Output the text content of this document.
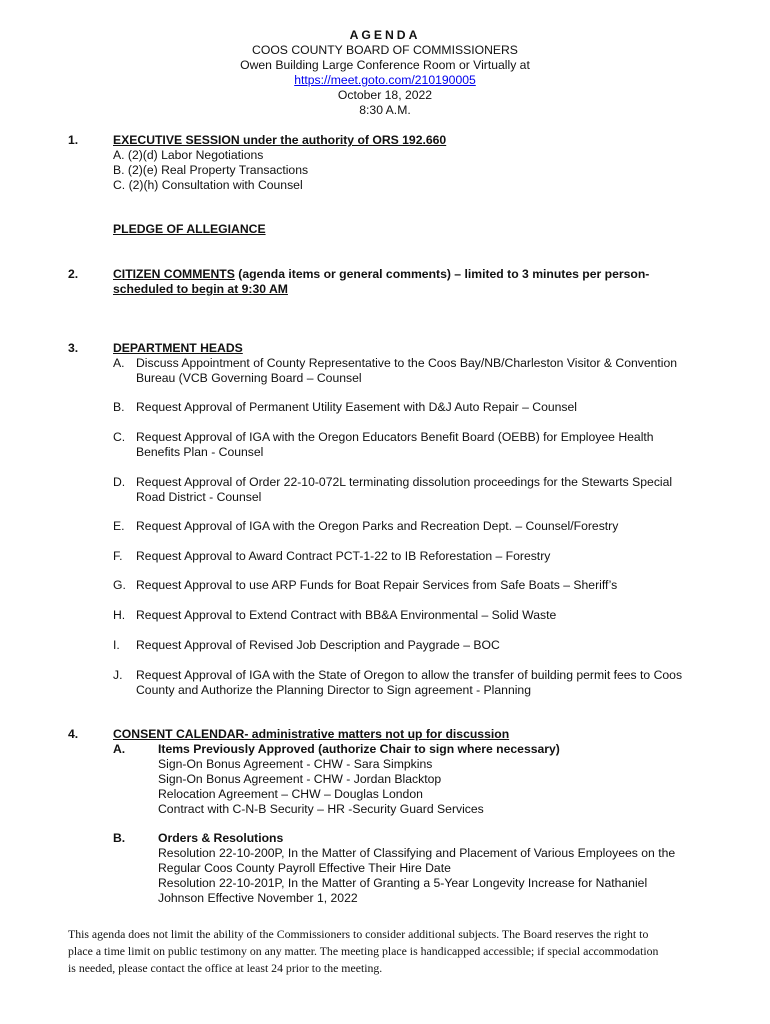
AGENDA
COOS COUNTY BOARD OF COMMISSIONERS
Owen Building Large Conference Room or Virtually at
https://meet.goto.com/210190005
October 18, 2022
8:30 A.M.
1.	EXECUTIVE SESSION under the authority of ORS 192.660
A. (2)(d) Labor Negotiations
B. (2)(e) Real Property Transactions
C. (2)(h) Consultation with Counsel
PLEDGE OF ALLEGIANCE
2.	CITIZEN COMMENTS (agenda items or general comments) – limited to 3 minutes per person-
scheduled to begin at 9:30 AM
3.	DEPARTMENT HEADS
A. Discuss Appointment of County Representative to the Coos Bay/NB/Charleston Visitor & Convention
Bureau (VCB Governing Board – Counsel
B. Request Approval of Permanent Utility Easement with D&J Auto Repair – Counsel
C. Request Approval of IGA with the Oregon Educators Benefit Board (OEBB) for Employee Health
Benefits Plan - Counsel
D. Request Approval of Order 22-10-072L terminating dissolution proceedings for the Stewarts Special
Road District - Counsel
E. Request Approval of IGA with the Oregon Parks and Recreation Dept. – Counsel/Forestry
F. Request Approval to Award Contract PCT-1-22 to IB Reforestation – Forestry
G. Request Approval to use ARP Funds for Boat Repair Services from Safe Boats – Sheriff’s
H. Request Approval to Extend Contract with BB&A Environmental – Solid Waste
I. Request Approval of Revised Job Description and Paygrade – BOC
J. Request Approval of IGA with the State of Oregon to allow the transfer of building permit fees to Coos
County and Authorize the Planning Director to Sign agreement - Planning
4.	CONSENT CALENDAR- administrative matters not up for discussion
A.	Items Previously Approved (authorize Chair to sign where necessary)
Sign-On Bonus Agreement - CHW - Sara Simpkins
Sign-On Bonus Agreement - CHW - Jordan Blacktop
Relocation Agreement – CHW – Douglas London
Contract with C-N-B Security – HR -Security Guard Services
B.	Orders & Resolutions
Resolution 22-10-200P, In the Matter of Classifying and Placement of Various Employees on the
Regular Coos County Payroll Effective Their Hire Date
Resolution 22-10-201P, In the Matter of Granting a 5-Year Longevity Increase for Nathaniel
Johnson Effective November 1, 2022
This agenda does not limit the ability of the Commissioners to consider additional subjects. The Board reserves the right to
place a time limit on public testimony on any matter. The meeting place is handicapped accessible; if special accommodation
is needed, please contact the office at least 24 prior to the meeting.
